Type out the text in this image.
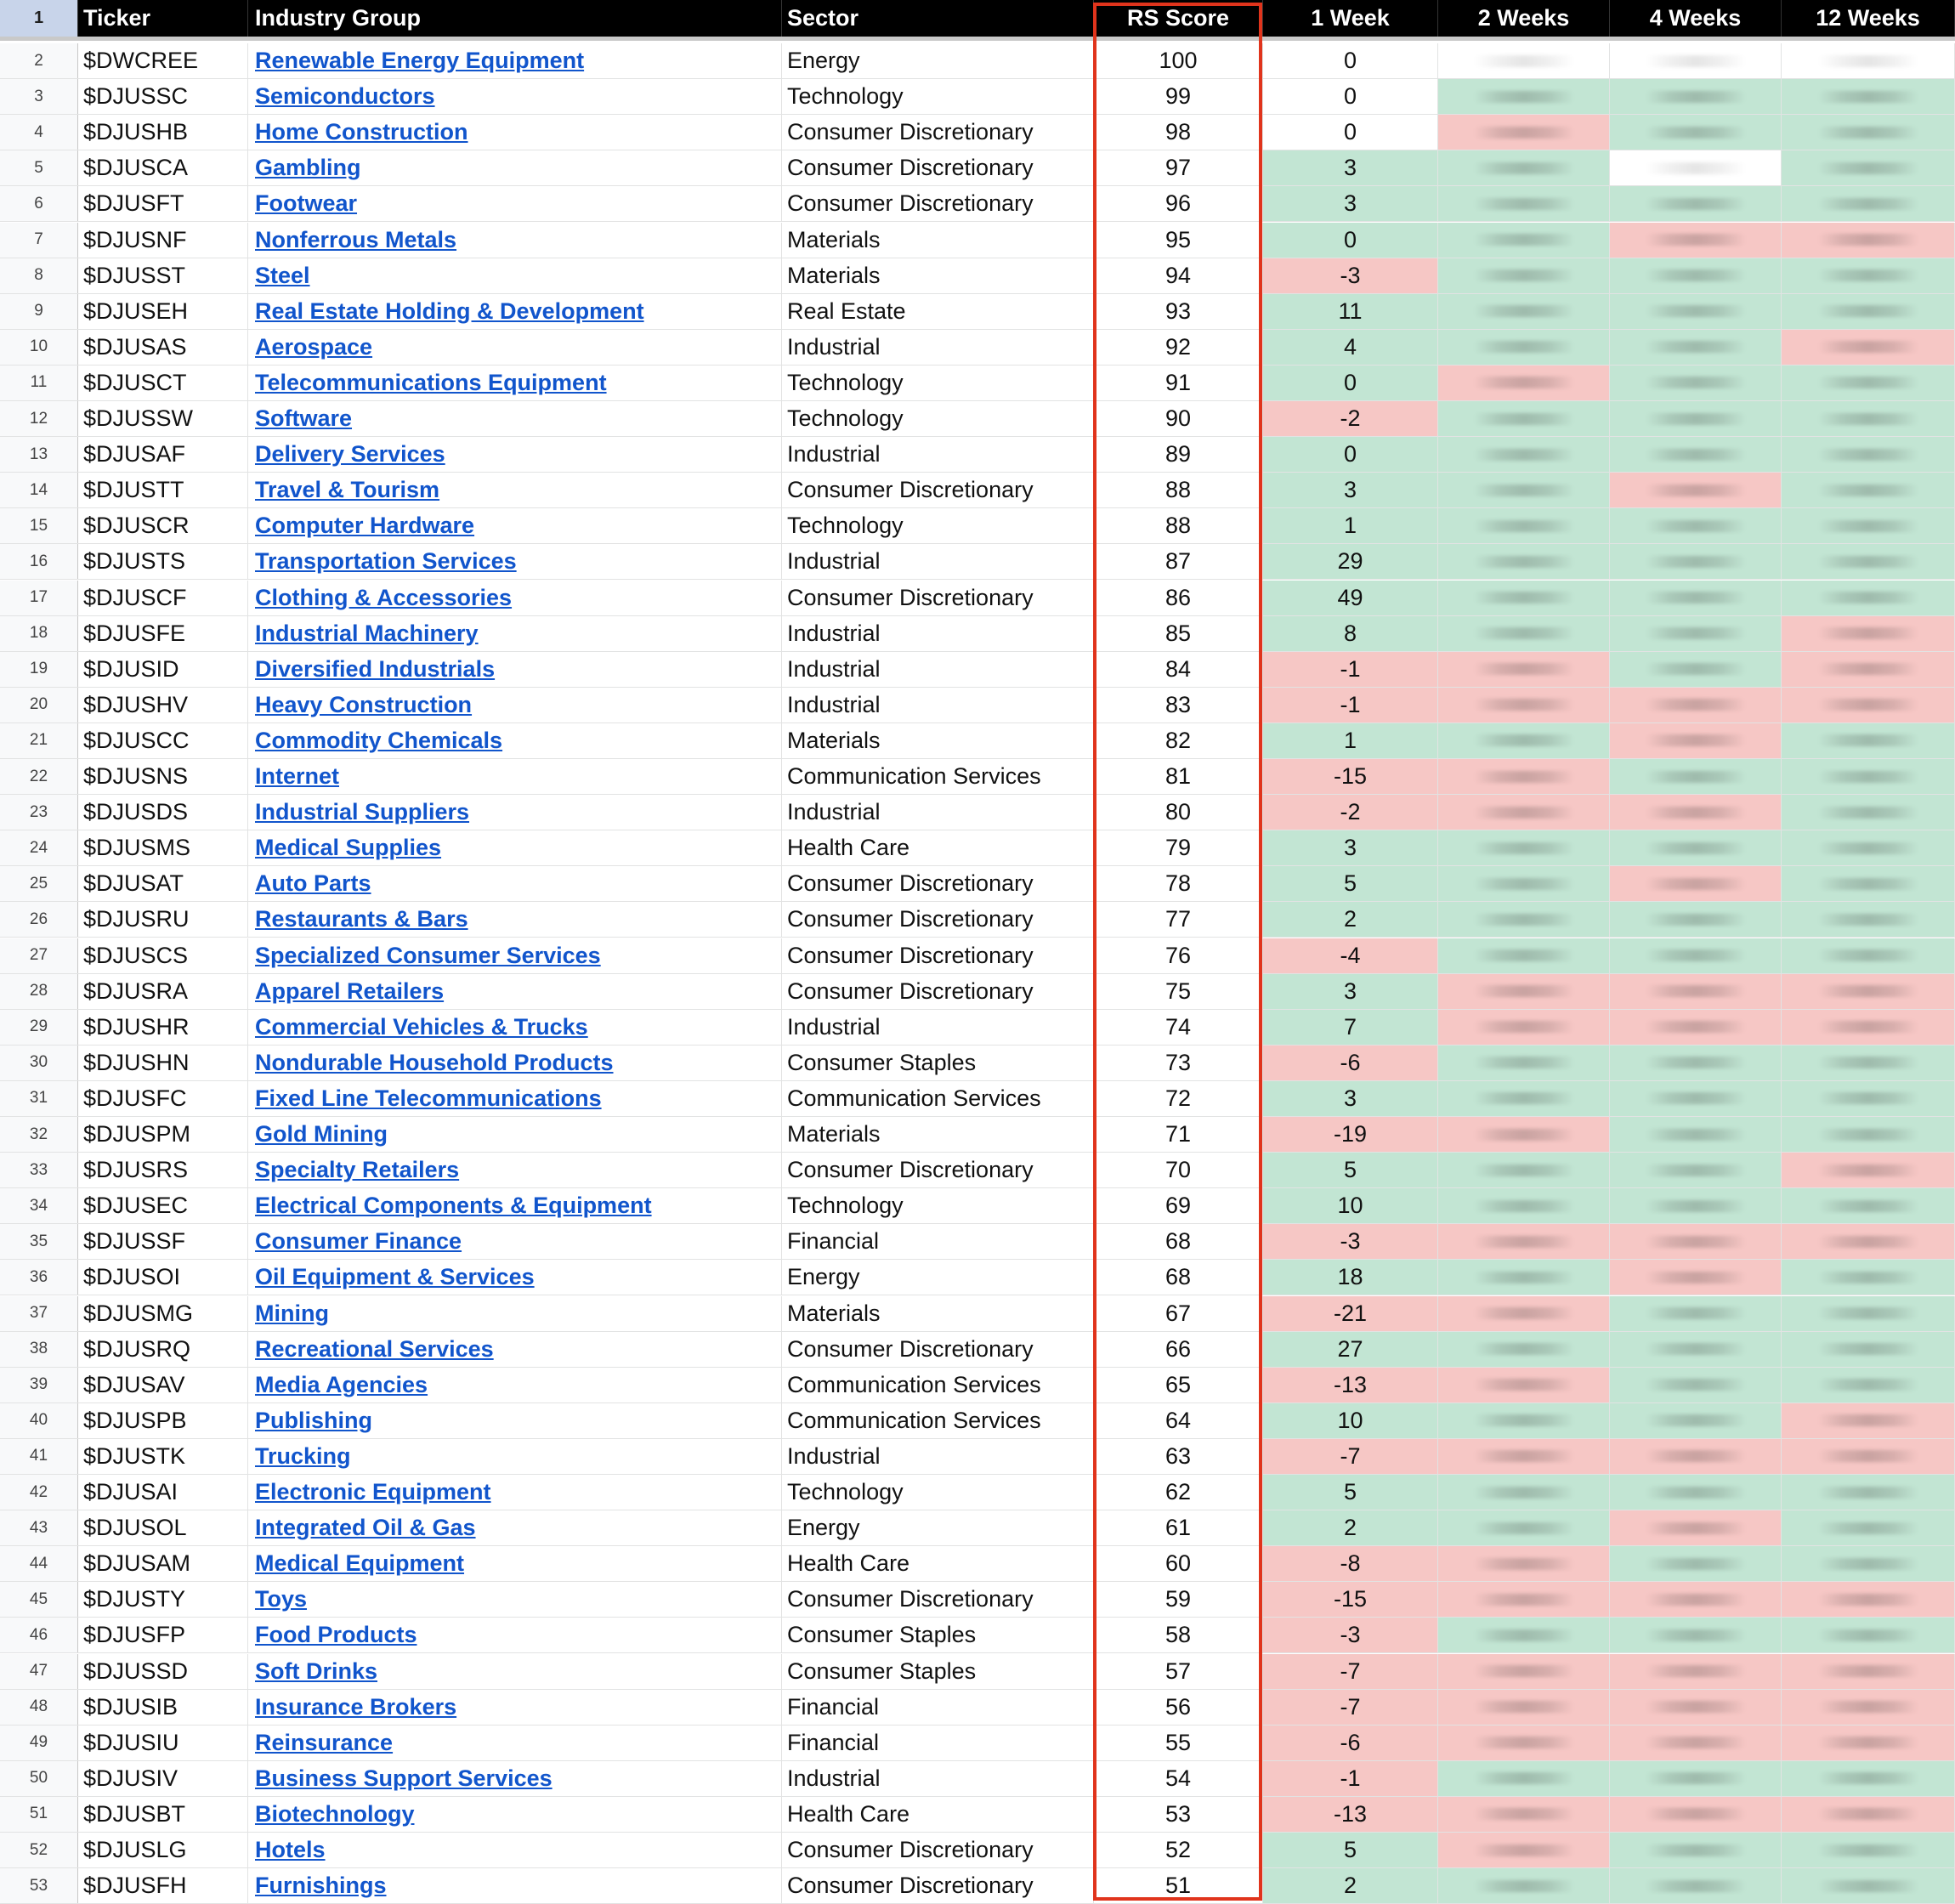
1	Ticker	Industry Group	Sector	RS Score	1 Week	2 Weeks	4 Weeks	12 Weeks
2	$DWCREE	Renewable Energy Equipment	Energy	100	0
3	$DJUSSC	Semiconductors	Technology	99	0
4	$DJUSHB	Home Construction	Consumer Discretionary	98	0
5	$DJUSCA	Gambling	Consumer Discretionary	97	3
6	$DJUSFT	Footwear	Consumer Discretionary	96	3
7	$DJUSNF	Nonferrous Metals	Materials	95	0
8	$DJUSST	Steel	Materials	94	-3
9	$DJUSEH	Real Estate Holding & Development	Real Estate	93	11
10	$DJUSAS	Aerospace	Industrial	92	4
11	$DJUSCT	Telecommunications Equipment	Technology	91	0
12	$DJUSSW	Software	Technology	90	-2
13	$DJUSAF	Delivery Services	Industrial	89	0
14	$DJUSTT	Travel & Tourism	Consumer Discretionary	88	3
15	$DJUSCR	Computer Hardware	Technology	88	1
16	$DJUSTS	Transportation Services	Industrial	87	29
17	$DJUSCF	Clothing & Accessories	Consumer Discretionary	86	49
18	$DJUSFE	Industrial Machinery	Industrial	85	8
19	$DJUSID	Diversified Industrials	Industrial	84	-1
20	$DJUSHV	Heavy Construction	Industrial	83	-1
21	$DJUSCC	Commodity Chemicals	Materials	82	1
22	$DJUSNS	Internet	Communication Services	81	-15
23	$DJUSDS	Industrial Suppliers	Industrial	80	-2
24	$DJUSMS	Medical Supplies	Health Care	79	3
25	$DJUSAT	Auto Parts	Consumer Discretionary	78	5
26	$DJUSRU	Restaurants & Bars	Consumer Discretionary	77	2
27	$DJUSCS	Specialized Consumer Services	Consumer Discretionary	76	-4
28	$DJUSRA	Apparel Retailers	Consumer Discretionary	75	3
29	$DJUSHR	Commercial Vehicles & Trucks	Industrial	74	7
30	$DJUSHN	Nondurable Household Products	Consumer Staples	73	-6
31	$DJUSFC	Fixed Line Telecommunications	Communication Services	72	3
32	$DJUSPM	Gold Mining	Materials	71	-19
33	$DJUSRS	Specialty Retailers	Consumer Discretionary	70	5
34	$DJUSEC	Electrical Components & Equipment	Technology	69	10
35	$DJUSSF	Consumer Finance	Financial	68	-3
36	$DJUSOI	Oil Equipment & Services	Energy	68	18
37	$DJUSMG	Mining	Materials	67	-21
38	$DJUSRQ	Recreational Services	Consumer Discretionary	66	27
39	$DJUSAV	Media Agencies	Communication Services	65	-13
40	$DJUSPB	Publishing	Communication Services	64	10
41	$DJUSTK	Trucking	Industrial	63	-7
42	$DJUSAI	Electronic Equipment	Technology	62	5
43	$DJUSOL	Integrated Oil & Gas	Energy	61	2
44	$DJUSAM	Medical Equipment	Health Care	60	-8
45	$DJUSTY	Toys	Consumer Discretionary	59	-15
46	$DJUSFP	Food Products	Consumer Staples	58	-3
47	$DJUSSD	Soft Drinks	Consumer Staples	57	-7
48	$DJUSIB	Insurance Brokers	Financial	56	-7
49	$DJUSIU	Reinsurance	Financial	55	-6
50	$DJUSIV	Business Support Services	Industrial	54	-1
51	$DJUSBT	Biotechnology	Health Care	53	-13
52	$DJUSLG	Hotels	Consumer Discretionary	52	5
53	$DJUSFH	Furnishings	Consumer Discretionary	51	2
